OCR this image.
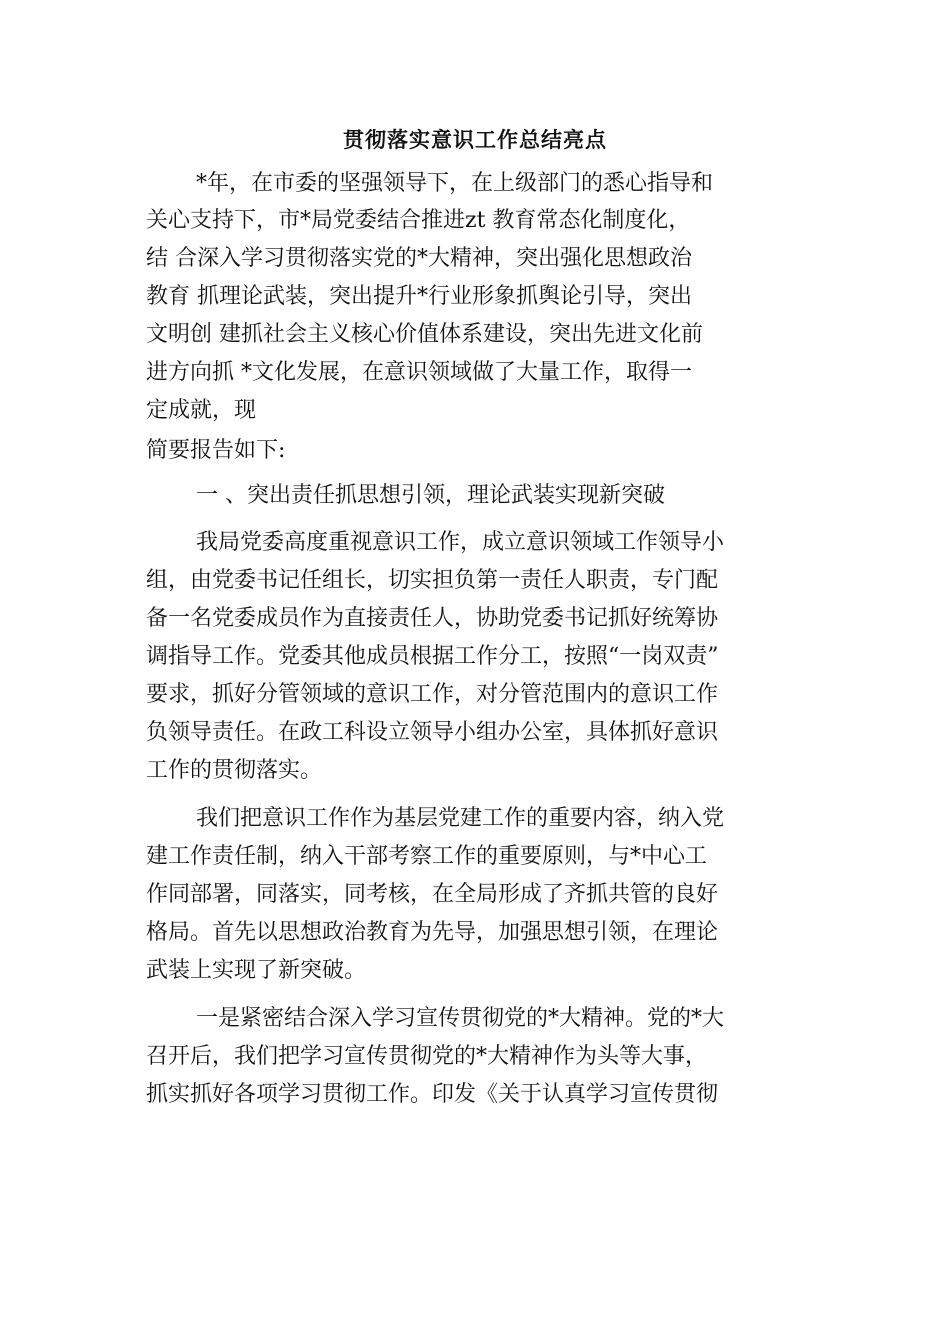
贯彻落实意识工作总结亮点
*年，在市委的坚强领导下，在上级部门的悉心指导和
关心支持下，市*局党委结合推进zt 教育常态化制度化，
结 合深入学习贯彻落实党的*大精神，突出强化思想政治
教育 抓理论武装，突出提升*行业形象抓舆论引导，突出
文明创 建抓社会主义核心价值体系建设，突出先进文化前
进方向抓 *文化发展，在意识领域做了大量工作，取得一
定成就，现
简要报告如下:
一 、突出责任抓思想引领，理论武装实现新突破
我局党委高度重视意识工作，成立意识领域工作领导小
组，由党委书记任组长，切实担负第一责任人职责，专门配
备一名党委成员作为直接责任人，协助党委书记抓好统筹协
调指导工作。党委其他成员根据工作分工，按照“一岗双责”
要求，抓好分管领域的意识工作，对分管范围内的意识工作
负领导责任。在政工科设立领导小组办公室，具体抓好意识
工作的贯彻落实。
我们把意识工作作为基层党建工作的重要内容，纳入党
建工作责任制，纳入干部考察工作的重要原则，与*中心工
作同部署，同落实，同考核，在全局形成了齐抓共管的良好
格局。首先以思想政治教育为先导，加强思想引领，在理论
武装上实现了新突破。
一是紧密结合深入学习宣传贯彻党的*大精神。党的*大
召开后，我们把学习宣传贯彻党的*大精神作为头等大事，
抓实抓好各项学习贯彻工作。印发《关于认真学习宣传贯彻
